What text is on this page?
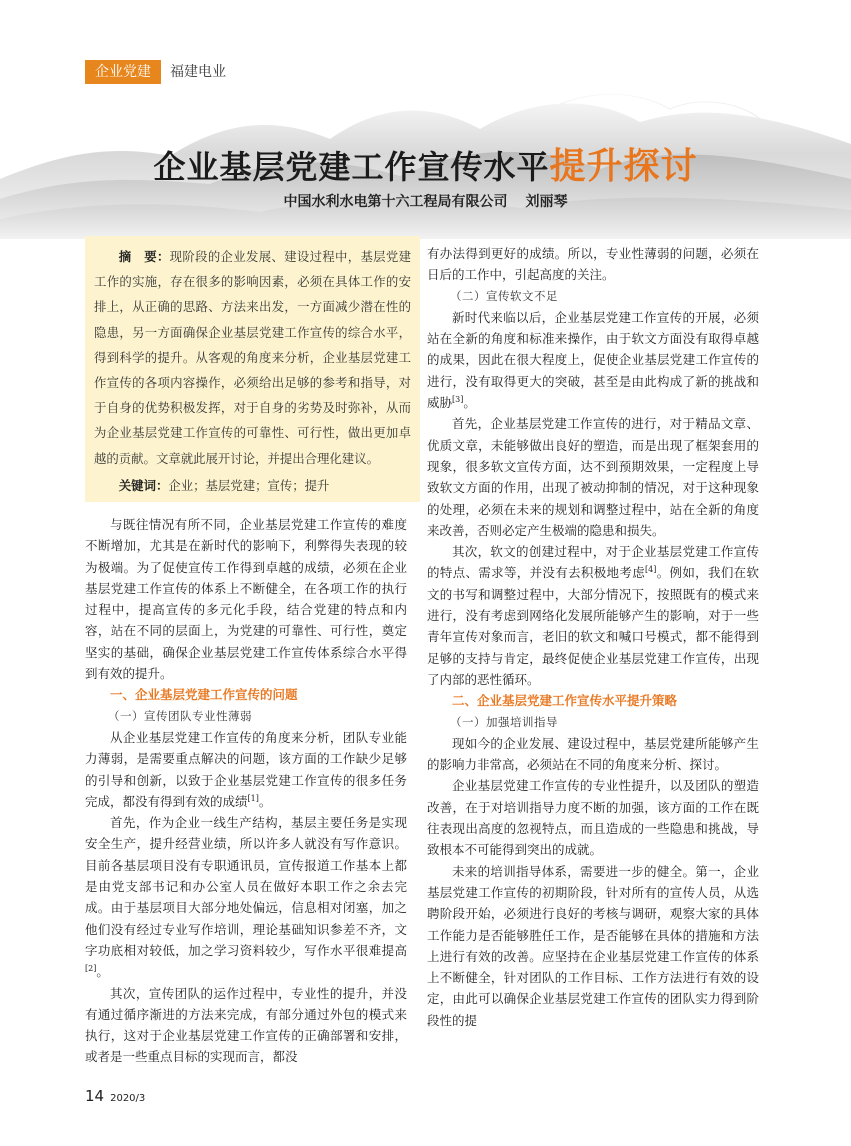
企业党建	福建电业
企业基层党建工作宣传水平提升探讨
中国水利水电第十六工程局有限公司 刘丽琴

摘　要：现阶段的企业发展、建设过程中，基层党建工作的实施，存在很多的影响因素，必须在具体工作的安排上，从正确的思路、方法来出发，一方面减少潜在性的隐患，另一方面确保企业基层党建工作宣传的综合水平，得到科学的提升。从客观的角度来分析，企业基层党建工作宣传的各项内容操作，必须给出足够的参考和指导，对于自身的优势积极发挥，对于自身的劣势及时弥补，从而为企业基层党建工作宣传的可靠性、可行性，做出更加卓越的贡献。文章就此展开讨论，并提出合理化建议。

关键词：企业；基层党建；宣传；提升

与既往情况有所不同，企业基层党建工作宣传的难度不断增加，尤其是在新时代的影响下，利弊得失表现的较为极端。为了促使宣传工作得到卓越的成绩，必须在企业基层党建工作宣传的体系上不断健全，在各项工作的执行过程中，提高宣传的多元化手段，结合党建的特点和内容，站在不同的层面上，为党建的可靠性、可行性，奠定坚实的基础，确保企业基层党建工作宣传体系综合水平得到有效的提升。

一、企业基层党建工作宣传的问题

（一）宣传团队专业性薄弱

从企业基层党建工作宣传的角度来分析，团队专业能力薄弱，是需要重点解决的问题，该方面的工作缺少足够的引导和创新，以致于企业基层党建工作宣传的很多任务完成，都没有得到有效的成绩[1]。

首先，作为企业一线生产结构，基层主要任务是实现安全生产，提升经营业绩，所以许多人就没有写作意识。目前各基层项目没有专职通讯员，宣传报道工作基本上都是由党支部书记和办公室人员在做好本职工作之余去完成。由于基层项目大部分地处偏远，信息相对闭塞，加之他们没有经过专业写作培训，理论基础知识参差不齐，文字功底相对较低，加之学习资料较少，写作水平很难提高[2]。

其次，宣传团队的运作过程中，专业性的提升，并没有通过循序渐进的方法来完成，有部分通过外包的模式来执行，这对于企业基层党建工作宣传的正确部署和安排，或者是一些重点目标的实现而言，都没

有办法得到更好的成绩。所以，专业性薄弱的问题，必须在日后的工作中，引起高度的关注。

（二）宣传软文不足

新时代来临以后，企业基层党建工作宣传的开展，必须站在全新的角度和标准来操作，由于软文方面没有取得卓越的成果，因此在很大程度上，促使企业基层党建工作宣传的进行，没有取得更大的突破，甚至是由此构成了新的挑战和威胁[3]。

首先，企业基层党建工作宣传的进行，对于精品文章、优质文章，未能够做出良好的塑造，而是出现了框架套用的现象，很多软文宣传方面，达不到预期效果，一定程度上导致软文方面的作用，出现了被动抑制的情况，对于这种现象的处理，必须在未来的规划和调整过程中，站在全新的角度来改善，否则必定产生极端的隐患和损失。

其次，软文的创建过程中，对于企业基层党建工作宣传的特点、需求等，并没有去积极地考虑[4]。例如，我们在软文的书写和调整过程中，大部分情况下，按照既有的模式来进行，没有考虑到网络化发展所能够产生的影响，对于一些青年宣传对象而言，老旧的软文和喊口号模式，都不能得到足够的支持与肯定，最终促使企业基层党建工作宣传，出现了内部的恶性循环。

二、企业基层党建工作宣传水平提升策略

（一）加强培训指导

现如今的企业发展、建设过程中，基层党建所能够产生的影响力非常高，必须站在不同的角度来分析、探讨。

企业基层党建工作宣传的专业性提升，以及团队的塑造改善，在于对培训指导力度不断的加强，该方面的工作在既往表现出高度的忽视特点，而且造成的一些隐患和挑战，导致根本不可能得到突出的成就。

未来的培训指导体系，需要进一步的健全。第一，企业基层党建工作宣传的初期阶段，针对所有的宣传人员，从选聘阶段开始，必须进行良好的考核与调研，观察大家的具体工作能力是否能够胜任工作，是否能够在具体的措施和方法上进行有效的改善。应坚持在企业基层党建工作宣传的体系上不断健全，针对团队的工作目标、工作方法进行有效的设定，由此可以确保企业基层党建工作宣传的团队实力得到阶段性的提

14 2020/3
